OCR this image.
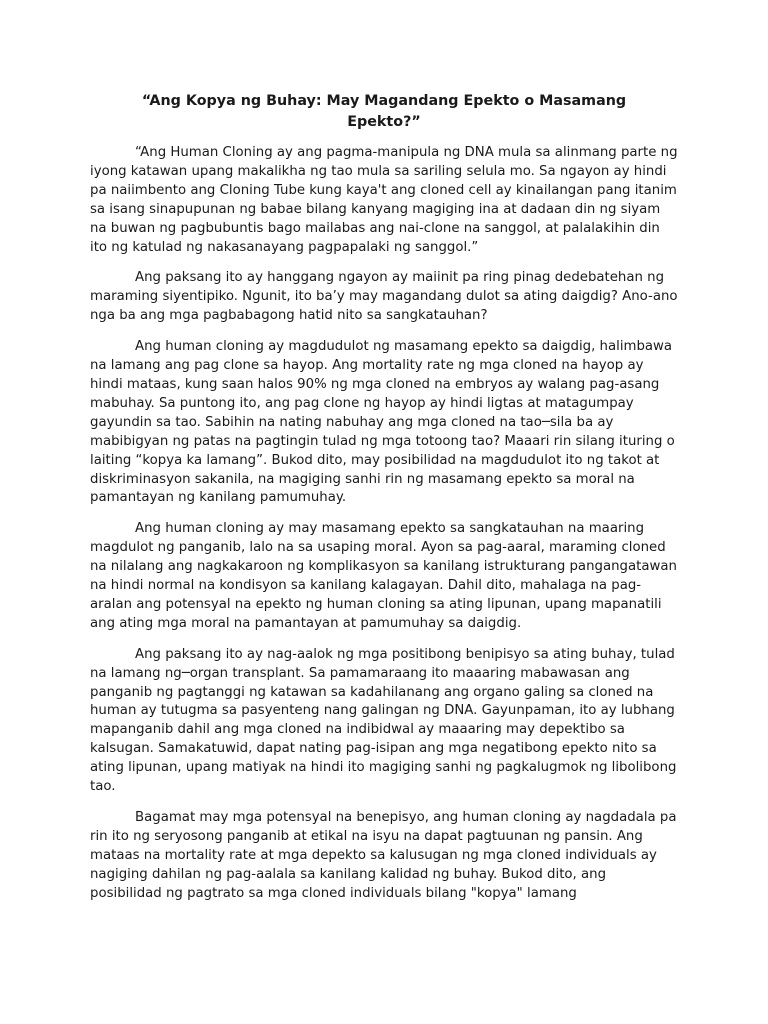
“Ang Kopya ng Buhay: May Magandang Epekto o Masamang Epekto?”

“Ang Human Cloning ay ang pagma-manipula ng DNA mula sa alinmang parte ng iyong katawan upang makalikha ng tao mula sa sariling selula mo. Sa ngayon ay hindi pa naiimbento ang Cloning Tube kung kaya't ang cloned cell ay kinailangan pang itanim sa isang sinapupunan ng babae bilang kanyang magiging ina at dadaan din ng siyam na buwan ng pagbubuntis bago mailabas ang nai-clone na sanggol, at palalakihin din ito ng katulad ng nakasanayang pagpapalaki ng sanggol.”

Ang paksang ito ay hanggang ngayon ay maiinit pa ring pinag dedebatehan ng maraming siyentipiko. Ngunit, ito ba’y may magandang dulot sa ating daigdig? Ano-ano nga ba ang mga pagbabagong hatid nito sa sangkatauhan?

Ang human cloning ay magdudulot ng masamang epekto sa daigdig, halimbawa na lamang ang pag clone sa hayop. Ang mortality rate ng mga cloned na hayop ay hindi mataas, kung saan halos 90% ng mga cloned na embryos ay walang pag-asang mabuhay. Sa puntong ito, ang pag clone ng hayop ay hindi ligtas at matagumpay gayundin sa tao. Sabihin na nating nabuhay ang mga cloned na tao─sila ba ay mabibigyan ng patas na pagtingin tulad ng mga totoong tao? Maaari rin silang ituring o laiting “kopya ka lamang”. Bukod dito, may posibilidad na magdudulot ito ng takot at diskriminasyon sakanila, na magiging sanhi rin ng masamang epekto sa moral na pamantayan ng kanilang pamumuhay.

Ang human cloning ay may masamang epekto sa sangkatauhan na maaring magdulot ng panganib, lalo na sa usaping moral. Ayon sa pag-aaral, maraming cloned na nilalang ang nagkakaroon ng komplikasyon sa kanilang istrukturang pangangatawan na hindi normal na kondisyon sa kanilang kalagayan. Dahil dito, mahalaga na pag-aralan ang potensyal na epekto ng human cloning sa ating lipunan, upang mapanatili ang ating mga moral na pamantayan at pamumuhay sa daigdig.

Ang paksang ito ay nag-aalok ng mga positibong benipisyo sa ating buhay, tulad na lamang ng─organ transplant. Sa pamamaraang ito maaaring mabawasan ang panganib ng pagtanggi ng katawan sa kadahilanang ang organo galing sa cloned na human ay tutugma sa pasyenteng nang galingan ng DNA. Gayunpaman, ito ay lubhang mapanganib dahil ang mga cloned na indibidwal ay maaaring may depektibo sa kalsugan. Samakatuwid, dapat nating pag-isipan ang mga negatibong epekto nito sa ating lipunan, upang matiyak na hindi ito magiging sanhi ng pagkalugmok ng libolibong tao.

Bagamat may mga potensyal na benepisyo, ang human cloning ay nagdadala pa rin ito ng seryosong panganib at etikal na isyu na dapat pagtuunan ng pansin. Ang mataas na mortality rate at mga depekto sa kalusugan ng mga cloned individuals ay nagiging dahilan ng pag-aalala sa kanilang kalidad ng buhay. Bukod dito, ang posibilidad ng pagtrato sa mga cloned individuals bilang "kopya" lamang
